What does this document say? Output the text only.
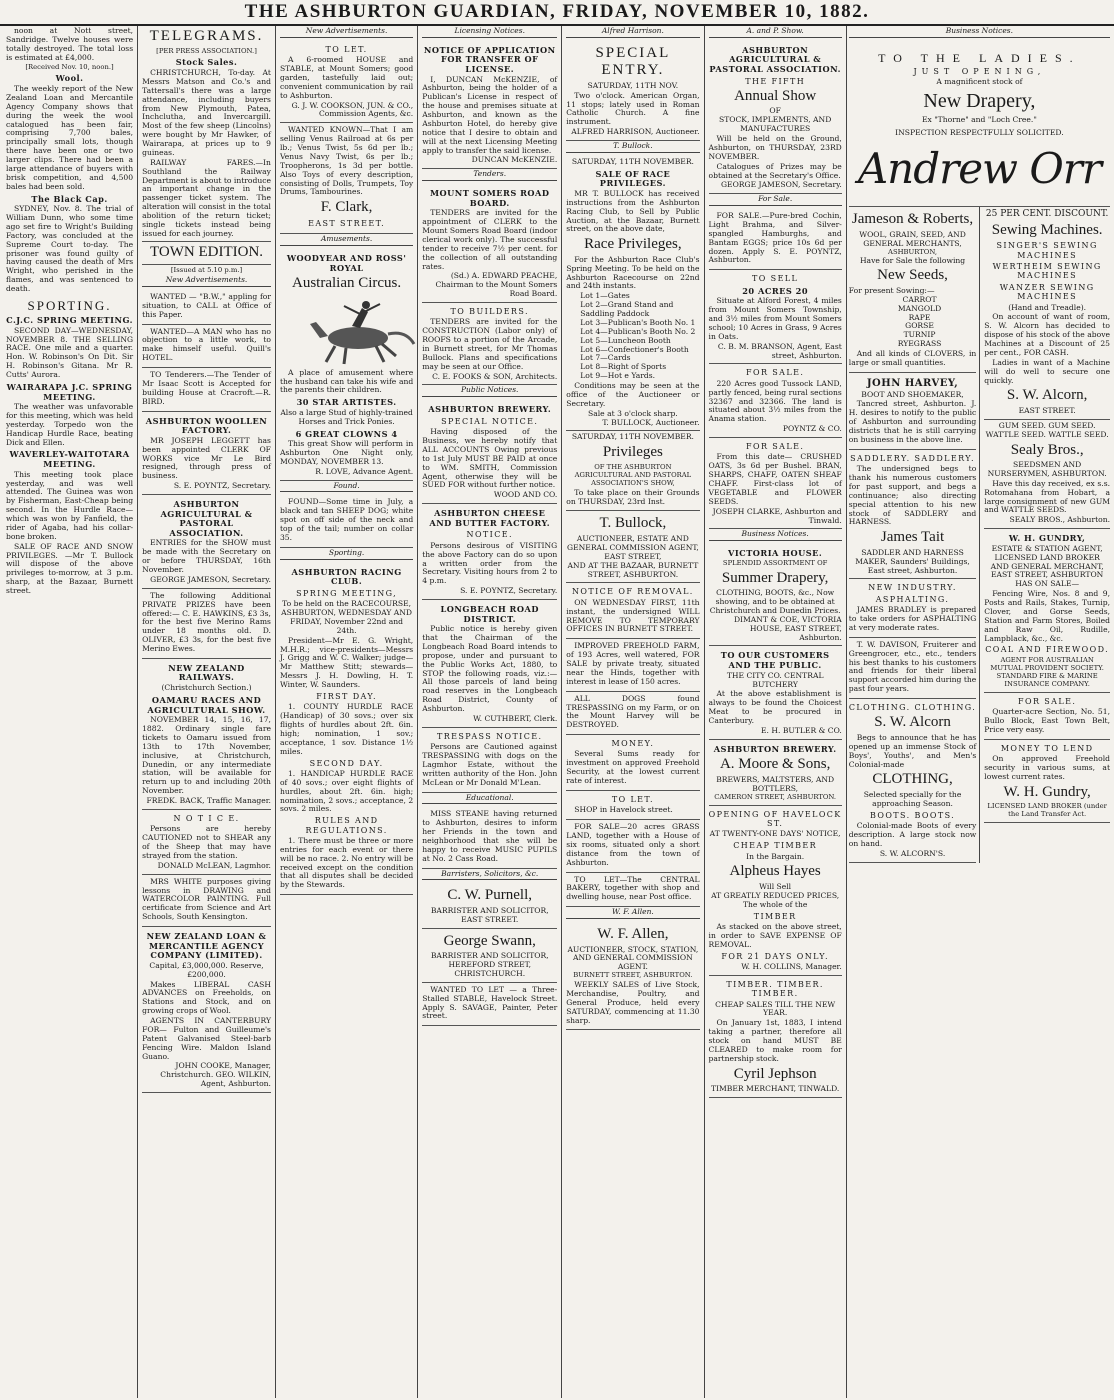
THE ASHBURTON GUARDIAN, FRIDAY, NOVEMBER 10, 1882.

noon at Nott street, Sandridge. Twelve houses were totally destroyed. The total loss is estimated at £4,000.

[Received Nov. 10, noon.]
Wool.

The weekly report of the New Zealand Loan and Mercantile Agency Company shows that during the week the wool catalogued has been fair, comprising 7,700 bales, principally small lots, though there have been one or two larger clips. There had been a large attendance of buyers with brisk competition, and 4,500 bales had been sold.

The Black Cap.

SYDNEY, Nov. 8. The trial of William Dunn, who some time ago set fire to Wright's Building Factory, was concluded at the Supreme Court to-day. The prisoner was found guilty of having caused the death of Mrs Wright, who perished in the flames, and was sentenced to death.

SPORTING.
C.J.C. SPRING MEETING.

SECOND DAY—WEDNESDAY, NOVEMBER 8. THE SELLING RACE. One mile and a quarter. Hon. W. Robinson's On Dit. Sir H. Robinson's Gitana. Mr R. Cutts' Aurora.

WAIRARAPA J.C. SPRING MEETING.

The weather was unfavorable for this meeting, which was held yesterday. Torpedo won the Handicap Hurdle Race, beating Dick and Ellen.

WAVERLEY-WAITOTARA MEETING.

This meeting took place yesterday, and was well attended. The Guinea was won by Fisherman, East-Cheap being second. In the Hurdle Race—which was won by Fanfield, the rider of Agaba, had his collar-bone broken.

SALE OF RACE AND SNOW PRIVILEGES. —Mr T. Bullock will dispose of the above privileges to-morrow, at 3 p.m. sharp, at the Bazaar, Burnett street.

TELEGRAMS.
[PER PRESS ASSOCIATION.]
Stock Sales.

CHRISTCHURCH, To-day. At Messrs Matson and Co.'s and Tattersall's there was a large attendance, including buyers from New Plymouth, Patea, Inchclutha, and Invercargill. Most of the few sheep (Lincolns) were bought by Mr Hawker, of Wairarapa, at prices up to 9 guineas.

RAILWAY FARES.—In Southland the Railway Department is about to introduce an important change in the passenger ticket system. The alteration will consist in the total abolition of the return ticket; single tickets instead being issued for each journey.

TOWN EDITION.
[Issued at 5.10 p.m.]
New Advertisements.

WANTED — "B.W.," appling for situation, to CALL at Office of this Paper.

WANTED—A MAN who has no objection to a little work, to make himself useful. Quill's HOTEL.

TO Tenderers.—The Tender of Mr Isaac Scott is Accepted for building House at Cracroft.—R. BIRD.

ASHBURTON WOOLLEN FACTORY.

MR JOSEPH LEGGETT has been appointed CLERK OF WORKS vice Mr Le Bird resigned, through press of business.

S. E. POYNTZ, Secretary.
ASHBURTON AGRICULTURAL & PASTORAL ASSOCIATION.

ENTRIES for the SHOW must be made with the Secretary on or before THURSDAY, 16th November.

GEORGE JAMESON, Secretary.

The following Additional PRIVATE PRIZES have been offered:— C. E. HAWKINS, £3 3s, for the best five Merino Rams under 18 months old. D. OLIVER, £3 3s, for the best five Merino Ewes.

NEW ZEALAND RAILWAYS.
(Christchurch Section.)
OAMARU RACES AND AGRICULTURAL SHOW.

NOVEMBER 14, 15, 16, 17, 1882. Ordinary single fare tickets to Oamaru issued from 13th to 17th November, inclusive, at Christchurch, Dunedin, or any intermediate station, will be available for return up to and including 20th November.

FREDK. BACK, Traffic Manager.
N O T I C E.

Persons are hereby CAUTIONED not to SHEAR any of the Sheep that may have strayed from the station.

DONALD McLEAN, Lagmhor.

MRS WHITE purposes giving lessons in DRAWING and WATERCOLOR PAINTING. Full certificate from Science and Art Schools, South Kensington.

NEW ZEALAND LOAN & MERCANTILE AGENCY COMPANY (LIMITED).
Capital, £3,000,000. Reserve, £200,000.

Makes LIBERAL CASH ADVANCES on Freeholds, on Stations and Stock, and on growing crops of Wool.

AGENTS IN CANTERBURY FOR— Fulton and Guilleume's Patent Galvanised Steel-barb Fencing Wire. Maldon Island Guano.

JOHN COOKE, Manager, Christchurch. GEO. WILKIN, Agent, Ashburton.
New Advertisements.
TO LET.

A 6-roomed HOUSE and STABLE, at Mount Somers; good garden, tastefully laid out; convenient communication by rail to Ashburton.

G. J. W. COOKSON, JUN. & CO., Commission Agents, &c.

WANTED KNOWN—That I am selling Venus Railroad at 6s per lb.; Venus Twist, 5s 6d per lb.; Venus Navy Twist, 6s per lb.; Troopherons, 1s 3d per bottle. Also Toys of every description, consisting of Dolls, Trumpets, Toy Drums, Tambourines.

F. Clark,
EAST STREET.
Amusements.
WOODYEAR AND ROSS' ROYAL
Australian Circus.

A place of amusement where the husband can take his wife and the parents their children.

30 STAR ARTISTES.
Also a large Stud of highly-trained Horses and Trick Ponies.
6 GREAT CLOWNS 4

This great Show will perform in Ashburton One Night only, MONDAY, NOVEMBER 13.

R. LOVE, Advance Agent.
Found.

FOUND—Some time in July, a black and tan SHEEP DOG; white spot on off side of the neck and top of the tail; number on collar 35.

Sporting.
ASHBURTON RACING CLUB.
SPRING MEETING,
To be held on the RACECOURSE, ASHBURTON, WEDNESDAY AND FRIDAY, November 22nd and 24th.

President—Mr E. G. Wright, M.H.R.; vice-presidents—Messrs J. Grigg and W. C. Walker; judge—Mr Matthew Stitt; stewards—Messrs J. H. Dowling, H. T. Winter, W. Saunders.

FIRST DAY.

1. COUNTY HURDLE RACE (Handicap) of 30 sovs.; over six flights of hurdles about 2ft. 6in. high; nomination, 1 sov.; acceptance, 1 sov. Distance 1½ miles.

SECOND DAY.

1. HANDICAP HURDLE RACE of 40 sovs.; over eight flights of hurdles, about 2ft. 6in. high; nomination, 2 sovs.; acceptance, 2 sovs. 2 miles.

RULES AND REGULATIONS.

1. There must be three or more entries for each event or there will be no race. 2. No entry will be received except on the condition that all disputes shall be decided by the Stewards.

Licensing Notices.
NOTICE OF APPLICATION FOR TRANSFER OF LICENSE.

I, DUNCAN McKENZIE, of Ashburton, being the holder of a Publican's License in respect of the house and premises situate at Ashburton, and known as the Ashburton Hotel, do hereby give notice that I desire to obtain and will at the next Licensing Meeting apply to transfer the said license.

DUNCAN McKENZIE.
Tenders.
MOUNT SOMERS ROAD BOARD.

TENDERS are invited for the appointment of CLERK to the Mount Somers Road Board (indoor clerical work only). The successful tender to receive 7½ per cent. for the collection of all outstanding rates.

(Sd.) A. EDWARD PEACHE, Chairman to the Mount Somers Road Board.
TO BUILDERS.

TENDERS are invited for the CONSTRUCTION (Labor only) of ROOFS to a portion of the Arcade, in Burnett street, for Mr Thomas Bullock. Plans and specifications may be seen at our Office.

C. E. FOOKS & SON, Architects.
Public Notices.
ASHBURTON BREWERY.
SPECIAL NOTICE.

Having disposed of the Business, we hereby notify that ALL ACCOUNTS Owing previous to 1st July MUST BE PAID at once to WM. SMITH, Commission Agent, otherwise they will be SUED FOR without further notice.

WOOD AND CO.
ASHBURTON CHEESE AND BUTTER FACTORY.
NOTICE.

Persons desirous of VISITING the above Factory can do so upon a written order from the Secretary. Visiting hours from 2 to 4 p.m.

S. E. POYNTZ, Secretary.
LONGBEACH ROAD DISTRICT.

Public notice is hereby given that the Chairman of the Longbeach Road Board intends to propose, under and pursuant to the Public Works Act, 1880, to STOP the following roads, viz.:—All those parcels of land being road reserves in the Longbeach Road District, County of Ashburton.

W. CUTHBERT, Clerk.
TRESPASS NOTICE.

Persons are Cautioned against TRESPASSING with dogs on the Lagmhor Estate, without the written authority of the Hon. John McLean or Mr Donald M'Lean.

Educational.

MISS STEANE having returned to Ashburton, desires to inform her Friends in the town and neighborhood that she will be happy to receive MUSIC PUPILS at No. 2 Cass Road.

Barristers, Solicitors, &c.
C. W. Purnell,
BARRISTER AND SOLICITOR, EAST STREET.
George Swann,
BARRISTER AND SOLICITOR, HEREFORD STREET, CHRISTCHURCH.

WANTED TO LET — a Three-Stalled STABLE, Havelock Street. Apply S. SAVAGE, Painter, Peter street.

Alfred Harrison.
SPECIAL ENTRY.
SATURDAY, 11TH NOV.

Two o'clock. American Organ, 11 stops; lately used in Roman Catholic Church. A fine instrument.

ALFRED HARRISON, Auctioneer.
T. Bullock.
SATURDAY, 11TH NOVEMBER.
SALE OF RACE PRIVILEGES.

MR T. BULLOCK has received instructions from the Ashburton Racing Club, to Sell by Public Auction, at the Bazaar, Burnett street, on the above date,

Race Privileges,

For the Ashburton Race Club's Spring Meeting. To be held on the Ashburton Racecourse on 22nd and 24th instants.

Lot 1—Gates
Lot 2—Grand Stand and Saddling Paddock
Lot 3—Publican's Booth No. 1
Lot 4—Publican's Booth No. 2
Lot 5—Luncheon Booth
Lot 6—Confectioner's Booth
Lot 7—Cards
Lot 8—Right of Sports
Lot 9—Hot e Yards.

Conditions may be seen at the office of the Auctioneer or Secretary.

Sale at 3 o'clock sharp.
T. BULLOCK, Auctioneer.
SATURDAY, 11TH NOVEMBER.
Privileges
OF THE ASHBURTON AGRICULTURAL AND PASTORAL ASSOCIATION'S SHOW,

To take place on their Grounds on THURSDAY, 23rd Inst.

T. Bullock,
AUCTIONEER, ESTATE AND GENERAL COMMISSION AGENT, EAST STREET,
AND AT THE BAZAAR, BURNETT STREET, ASHBURTON.
NOTICE OF REMOVAL.

ON WEDNESDAY FIRST, 11th instant, the undersigned WILL REMOVE TO TEMPORARY OFFICES IN BURNETT STREET.

IMPROVED FREEHOLD FARM, of 193 Acres, well watered, FOR SALE by private treaty, situated near the Hinds, together with interest in lease of 150 acres.

ALL DOGS found TRESPASSING on my Farm, or on the Mount Harvey will be DESTROYED.

MONEY.

Several Sums ready for investment on approved Freehold Security, at the lowest current rate of interest.

TO LET.

SHOP in Havelock street.

FOR SALE—20 acres GRASS LAND, together with a House of six rooms, situated only a short distance from the town of Ashburton.

TO LET—The CENTRAL BAKERY, together with shop and dwelling house, near Post office.

W. F. Allen.
W. F. Allen,
AUCTIONEER, STOCK, STATION, AND GENERAL COMMISSION AGENT.
BURNETT STREET, ASHBURTON.

WEEKLY SALES of Live Stock, Merchandise, Poultry, and General Produce, held every SATURDAY, commencing at 11.30 sharp.

A. and P. Show.
ASHBURTON AGRICULTURAL & PASTORAL ASSOCIATION.
THE FIFTH
Annual Show
OF
STOCK, IMPLEMENTS, AND MANUFACTURES

Will be held on the Ground, Ashburton, on THURSDAY, 23RD NOVEMBER.

Catalogues of Prizes may be obtained at the Secretary's Office.

GEORGE JAMESON, Secretary.
For Sale.

FOR SALE.—Pure-bred Cochin, Light Brahma, and Silver-spangled Hamburghs, and Bantam EGGS; price 10s 6d per dozen. Apply S. E. POYNTZ, Ashburton.

TO SELL
20 ACRES 20

Situate at Alford Forest, 4 miles from Mount Somers Township, and 3½ miles from Mount Somers school; 10 Acres in Grass, 9 Acres in Oats.

C. B. M. BRANSON, Agent, East street, Ashburton.
FOR SALE.

220 Acres good Tussock LAND, partly fenced, being rural sections 32367 and 32366. The land is situated about 3½ miles from the Anama station.

POYNTZ & CO.
FOR SALE.

From this date— CRUSHED OATS, 3s 6d per Bushel. BRAN, SHARPS, CHAFF, OATEN SHEAF CHAFF. First-class lot of VEGETABLE and FLOWER SEEDS.

JOSEPH CLARKE, Ashburton and Tinwald.
Business Notices.
VICTORIA HOUSE.
SPLENDID ASSORTMENT OF
Summer Drapery,
CLOTHING, BOOTS, &c., Now showing, and to be obtained at Christchurch and Dunedin Prices.
DIMANT & COE, VICTORIA HOUSE, EAST STREET, Ashburton.
TO OUR CUSTOMERS AND THE PUBLIC.
THE CITY CO. CENTRAL BUTCHERY

At the above establishment is always to be found the Choicest Meat to be procured in Canterbury.

E. H. BUTLER & CO.
ASHBURTON BREWERY.
A. Moore & Sons,
BREWERS, MALTSTERS, AND BOTTLERS,
CAMERON STREET, ASHBURTON.
OPENING OF HAVELOCK ST.
AT TWENTY-ONE DAYS' NOTICE,
CHEAP TIMBER
In the Bargain.
Alpheus Hayes
Will Sell
AT GREATLY REDUCED PRICES,
The whole of the
TIMBER

As stacked on the above street, in order to SAVE EXPENSE OF REMOVAL.

FOR 21 DAYS ONLY.
W. H. COLLINS, Manager.
TIMBER. TIMBER. TIMBER.
CHEAP SALES TILL THE NEW YEAR.

On January 1st, 1883, I intend taking a partner, therefore all stock on hand MUST BE CLEARED to make room for partnership stock.

Cyril Jephson
TIMBER MERCHANT, TINWALD.
Business Notices.
TO THE LADIES.
JUST OPENING,
A magnificent stock of
New Drapery,
Ex "Thorne" and "Loch Cree."
INSPECTION RESPECTFULLY SOLICITED.
Andrew Orr
Jameson & Roberts,
WOOL, GRAIN, SEED, AND GENERAL MERCHANTS,
ASHBURTON,
Have for Sale the following
New Seeds,
For present Sowing:—
CARROT
MANGOLD
RAPE
GORSE
TURNIP
RYEGRASS

And all kinds of CLOVERS, in large or small quantities.

JOHN HARVEY,
BOOT AND SHOEMAKER,

Tancred street, Ashburton. J. H. desires to notify to the public of Ashburton and surrounding districts that he is still carrying on business in the above line.

SADDLERY. SADDLERY.

The undersigned begs to thank his numerous customers for past support, and begs a continuance; also directing special attention to his new stock of SADDLERY and HARNESS.

James Tait
SADDLER AND HARNESS MAKER, Saunders' Buildings, East street, Ashburton.
NEW INDUSTRY.
ASPHALTING.

JAMES BRADLEY is prepared to take orders for ASPHALTING at very moderate rates.

T. W. DAVISON, Fruiterer and Greengrocer, etc., etc., tenders his best thanks to his customers and friends for their liberal support accorded him during the past four years.

CLOTHING. CLOTHING.
S. W. Alcorn

Begs to announce that he has opened up an immense Stock of Boys', Youths', and Men's Colonial-made

CLOTHING,
Selected specially for the approaching Season.
BOOTS. BOOTS.

Colonial-made Boots of every description. A large stock now on hand.

S. W. ALCORN'S.
25 PER CENT. DISCOUNT.
Sewing Machines.
SINGER'S SEWING MACHINES
WERTHEIM SEWING MACHINES
WANZER SEWING MACHINES
(Hand and Treadle).

On account of want of room, S. W. Alcorn has decided to dispose of his stock of the above Machines at a Discount of 25 per cent., FOR CASH.

Ladies in want of a Machine will do well to secure one quickly.

S. W. Alcorn,
EAST STREET.
GUM SEED. GUM SEED. WATTLE SEED. WATTLE SEED.
Sealy Bros.,
SEEDSMEN AND NURSERYMEN, ASHBURTON.

Have this day received, ex s.s. Rotomahana from Hobart, a large consignment of new GUM and WATTLE SEEDS.

SEALY BROS., Ashburton.
W. H. GUNDRY,
ESTATE & STATION AGENT, LICENSED LAND BROKER AND GENERAL MERCHANT,
EAST STREET, ASHBURTON
HAS ON SALE—

Fencing Wire, Nos. 8 and 9, Posts and Rails, Stakes, Turnip, Clover, and Gorse Seeds, Station and Farm Stores, Boiled and Raw Oil, Rudille, Lampblack, &c., &c.

COAL AND FIREWOOD.
AGENT FOR AUSTRALIAN MUTUAL PROVIDENT SOCIETY. STANDARD FIRE & MARINE INSURANCE COMPANY.
FOR SALE.

Quarter-acre Section, No. 51, Bullo Block, East Town Belt, Price very easy.

MONEY TO LEND

On approved Freehold security in various sums, at lowest current rates.

W. H. Gundry,
LICENSED LAND BROKER (under the Land Transfer Act.
